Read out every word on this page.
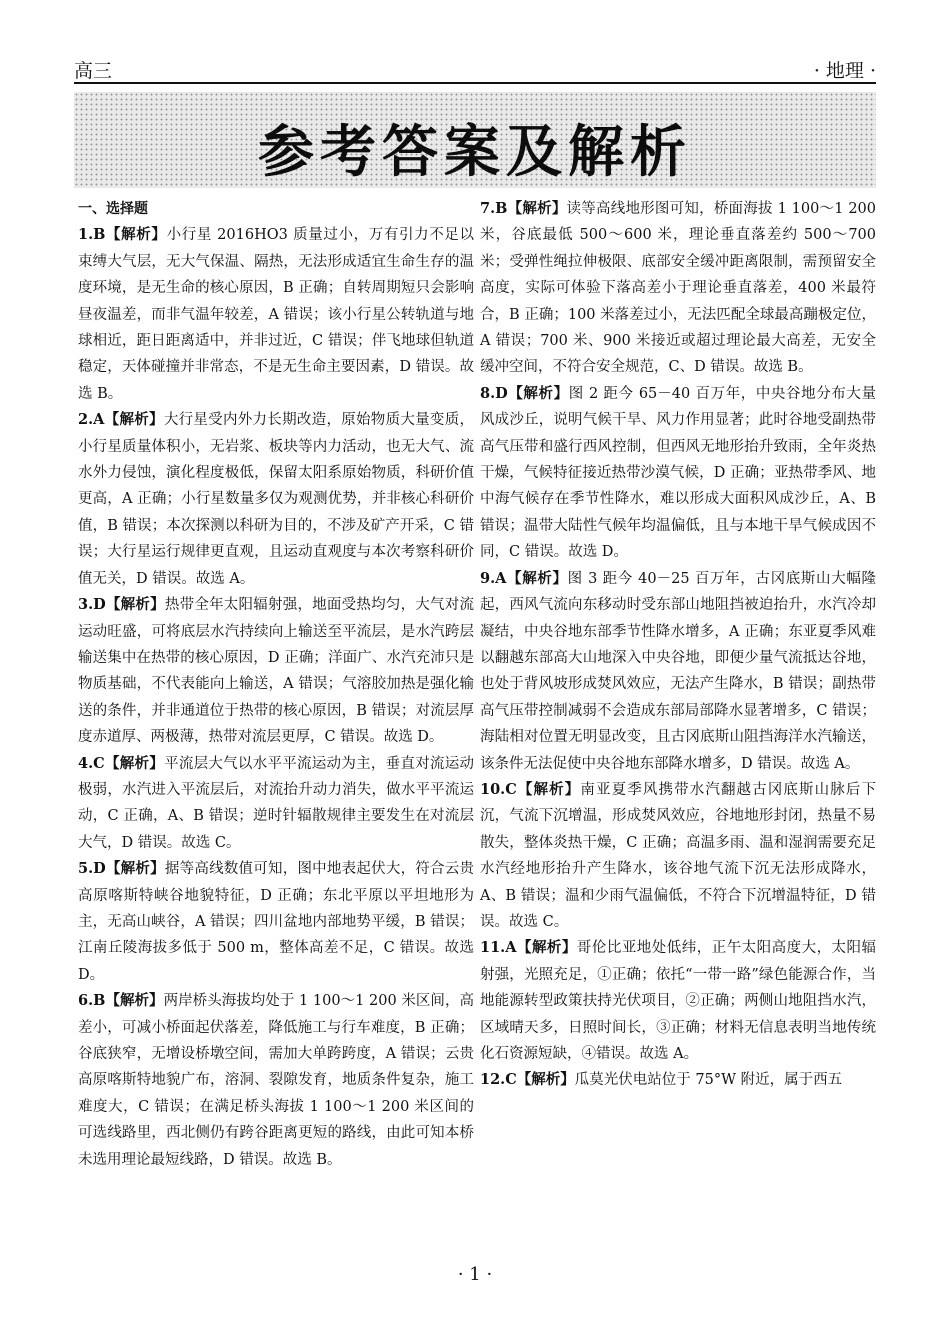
高三	· 地理 ·
参考答案及解析
一、选择题

1.B【解析】小行星 2016HO3 质量过小，万有引力不足以束缚大气层，无大气保温、隔热，无法形成适宜生命生存的温度环境，是无生命的核心原因，B 正确；自转周期短只会影响昼夜温差，而非气温年较差，A 错误；该小行星公转轨道与地球相近，距日距离适中，并非过近，C 错误；伴飞地球但轨道稳定，天体碰撞并非常态，不是无生命主要因素，D 错误。故选 B。

2.A【解析】大行星受内外力长期改造，原始物质大量变质，小行星质量体积小，无岩浆、板块等内力活动，也无大气、流水外力侵蚀，演化程度极低，保留太阳系原始物质，科研价值更高，A 正确；小行星数量多仅为观测优势，并非核心科研价值，B 错误；本次探测以科研为目的，不涉及矿产开采，C 错误；大行星运行规律更直观，且运动直观度与本次考察科研价值无关，D 错误。故选 A。

3.D【解析】热带全年太阳辐射强，地面受热均匀，大气对流运动旺盛，可将底层水汽持续向上输送至平流层，是水汽跨层输送集中在热带的核心原因，D 正确；洋面广、水汽充沛只是物质基础，不代表能向上输送，A 错误；气溶胶加热是强化输送的条件，并非通道位于热带的核心原因，B 错误；对流层厚度赤道厚、两极薄，热带对流层更厚，C 错误。故选 D。

4.C【解析】平流层大气以水平平流运动为主，垂直对流运动极弱，水汽进入平流层后，对流抬升动力消失，做水平平流运动，C 正确，A、B 错误；逆时针辐散规律主要发生在对流层大气，D 错误。故选 C。

5.D【解析】据等高线数值可知，图中地表起伏大，符合云贵高原喀斯特峡谷地貌特征，D 正确；东北平原以平坦地形为主，无高山峡谷，A 错误；四川盆地内部地势平缓，B 错误；江南丘陵海拔多低于 500 m，整体高差不足，C 错误。故选 D。

6.B【解析】两岸桥头海拔均处于 1 100～1 200 米区间，高差小，可减小桥面起伏落差，降低施工与行车难度，B 正确；谷底狭窄，无增设桥墩空间，需加大单跨跨度，A 错误；云贵高原喀斯特地貌广布，溶洞、裂隙发育，地质条件复杂，施工难度大，C 错误；在满足桥头海拔 1 100～1 200 米区间的可选线路里，西北侧仍有跨谷距离更短的路线，由此可知本桥未选用理论最短线路，D 错误。故选 B。

7.B【解析】读等高线地形图可知，桥面海拔 1 100～1 200米，谷底最低 500～600 米，理论垂直落差约 500～700 米；受弹性绳拉伸极限、底部安全缓冲距离限制，需预留安全高度，实际可体验下落高差小于理论垂直落差，400 米最符合，B 正确；100 米落差过小，无法匹配全球最高蹦极定位，A 错误；700 米、900 米接近或超过理论最大高差，无安全缓冲空间，不符合安全规范，C、D 错误。故选 B。

8.D【解析】图 2 距今 65－40 百万年，中央谷地分布大量风成沙丘，说明气候干旱、风力作用显著；此时谷地受副热带高气压带和盛行西风控制，但西风无地形抬升致雨，全年炎热干燥，气候特征接近热带沙漠气候，D 正确；亚热带季风、地中海气候存在季节性降水，难以形成大面积风成沙丘，A、B 错误；温带大陆性气候年均温偏低，且与本地干旱气候成因不同，C 错误。故选 D。

9.A【解析】图 3 距今 40－25 百万年，古冈底斯山大幅隆起，西风气流向东移动时受东部山地阻挡被迫抬升，水汽冷却凝结，中央谷地东部季节性降水增多，A 正确；东亚夏季风难以翻越东部高大山地深入中央谷地，即便少量气流抵达谷地，也处于背风坡形成焚风效应，无法产生降水，B 错误；副热带高气压带控制减弱不会造成东部局部降水显著增多，C 错误；海陆相对位置无明显改变，且古冈底斯山阻挡海洋水汽输送，该条件无法促使中央谷地东部降水增多，D 错误。故选 A。

10.C【解析】南亚夏季风携带水汽翻越古冈底斯山脉后下沉，气流下沉增温，形成焚风效应，谷地地形封闭，热量不易散失，整体炎热干燥，C 正确；高温多雨、温和湿润需要充足水汽经地形抬升产生降水，该谷地气流下沉无法形成降水，A、B 错误；温和少雨气温偏低，不符合下沉增温特征，D 错误。故选 C。

11.A【解析】哥伦比亚地处低纬，正午太阳高度大，太阳辐射强，光照充足，①正确；依托“一带一路”绿色能源合作，当地能源转型政策扶持光伏项目，②正确；两侧山地阻挡水汽，区域晴天多，日照时间长，③正确；材料无信息表明当地传统化石资源短缺，④错误。故选 A。

12.C【解析】瓜莫光伏电站位于 75°W 附近，属于西五

· 1 ·
